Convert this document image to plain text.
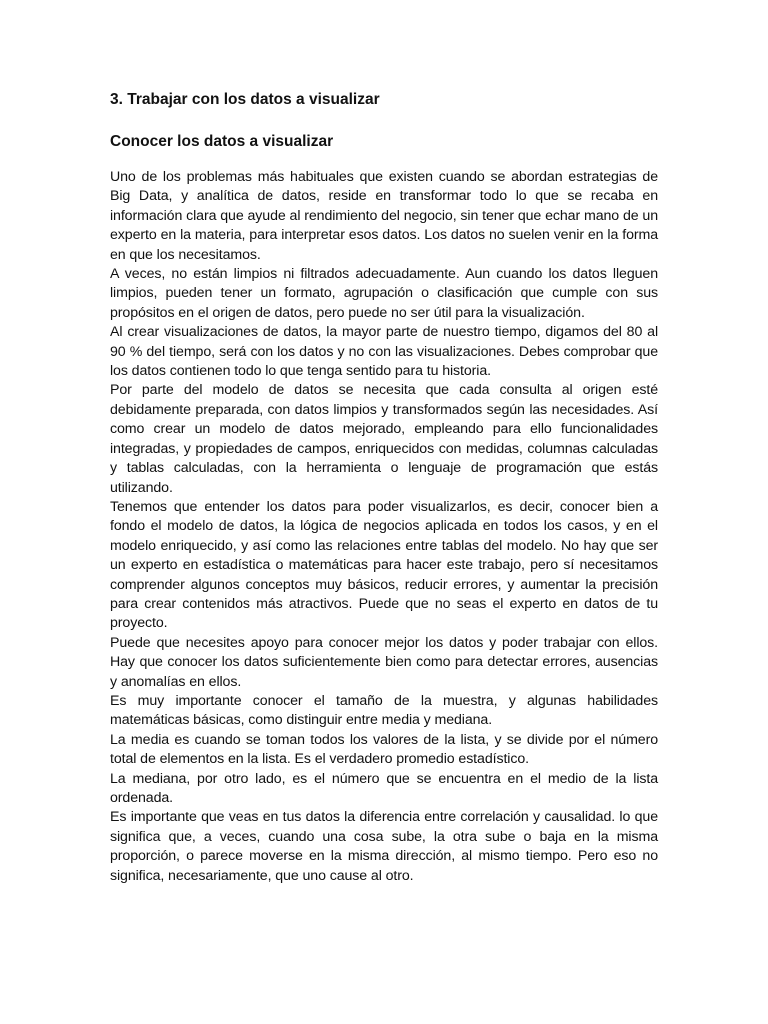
3. Trabajar con los datos a visualizar
Conocer los datos a visualizar

Uno de los problemas más habituales que existen cuando se abordan estrategias de Big Data, y analítica de datos, reside en transformar todo lo que se recaba en información clara que ayude al rendimiento del negocio, sin tener que echar mano de un experto en la materia, para interpretar esos datos. Los datos no suelen venir en la forma en que los necesitamos.

A veces, no están limpios ni filtrados adecuadamente. Aun cuando los datos lleguen limpios, pueden tener un formato, agrupación o clasificación que cumple con sus propósitos en el origen de datos, pero puede no ser útil para la visualización.

Al crear visualizaciones de datos, la mayor parte de nuestro tiempo, digamos del 80 al 90 % del tiempo, será con los datos y no con las visualizaciones. Debes comprobar que los datos contienen todo lo que tenga sentido para tu historia.

Por parte del modelo de datos se necesita que cada consulta al origen esté debidamente preparada, con datos limpios y transformados según las necesidades. Así como crear un modelo de datos mejorado, empleando para ello funcionalidades integradas, y propiedades de campos, enriquecidos con medidas, columnas calculadas y tablas calculadas, con la herramienta o lenguaje de programación que estás utilizando.

Tenemos que entender los datos para poder visualizarlos, es decir, conocer bien a fondo el modelo de datos, la lógica de negocios aplicada en todos los casos, y en el modelo enriquecido, y así como las relaciones entre tablas del modelo. No hay que ser un experto en estadística o matemáticas para hacer este trabajo, pero sí necesitamos comprender algunos conceptos muy básicos, reducir errores, y aumentar la precisión para crear contenidos más atractivos. Puede que no seas el experto en datos de tu proyecto.

Puede que necesites apoyo para conocer mejor los datos y poder trabajar con ellos. Hay que conocer los datos suficientemente bien como para detectar errores, ausencias y anomalías en ellos.

Es muy importante conocer el tamaño de la muestra, y algunas habilidades matemáticas básicas, como distinguir entre media y mediana.

La media es cuando se toman todos los valores de la lista, y se divide por el número total de elementos en la lista. Es el verdadero promedio estadístico.

La mediana, por otro lado, es el número que se encuentra en el medio de la lista ordenada.

Es importante que veas en tus datos la diferencia entre correlación y causalidad. lo que significa que, a veces, cuando una cosa sube, la otra sube o baja en la misma proporción, o parece moverse en la misma dirección, al mismo tiempo. Pero eso no significa, necesariamente, que uno cause al otro.
